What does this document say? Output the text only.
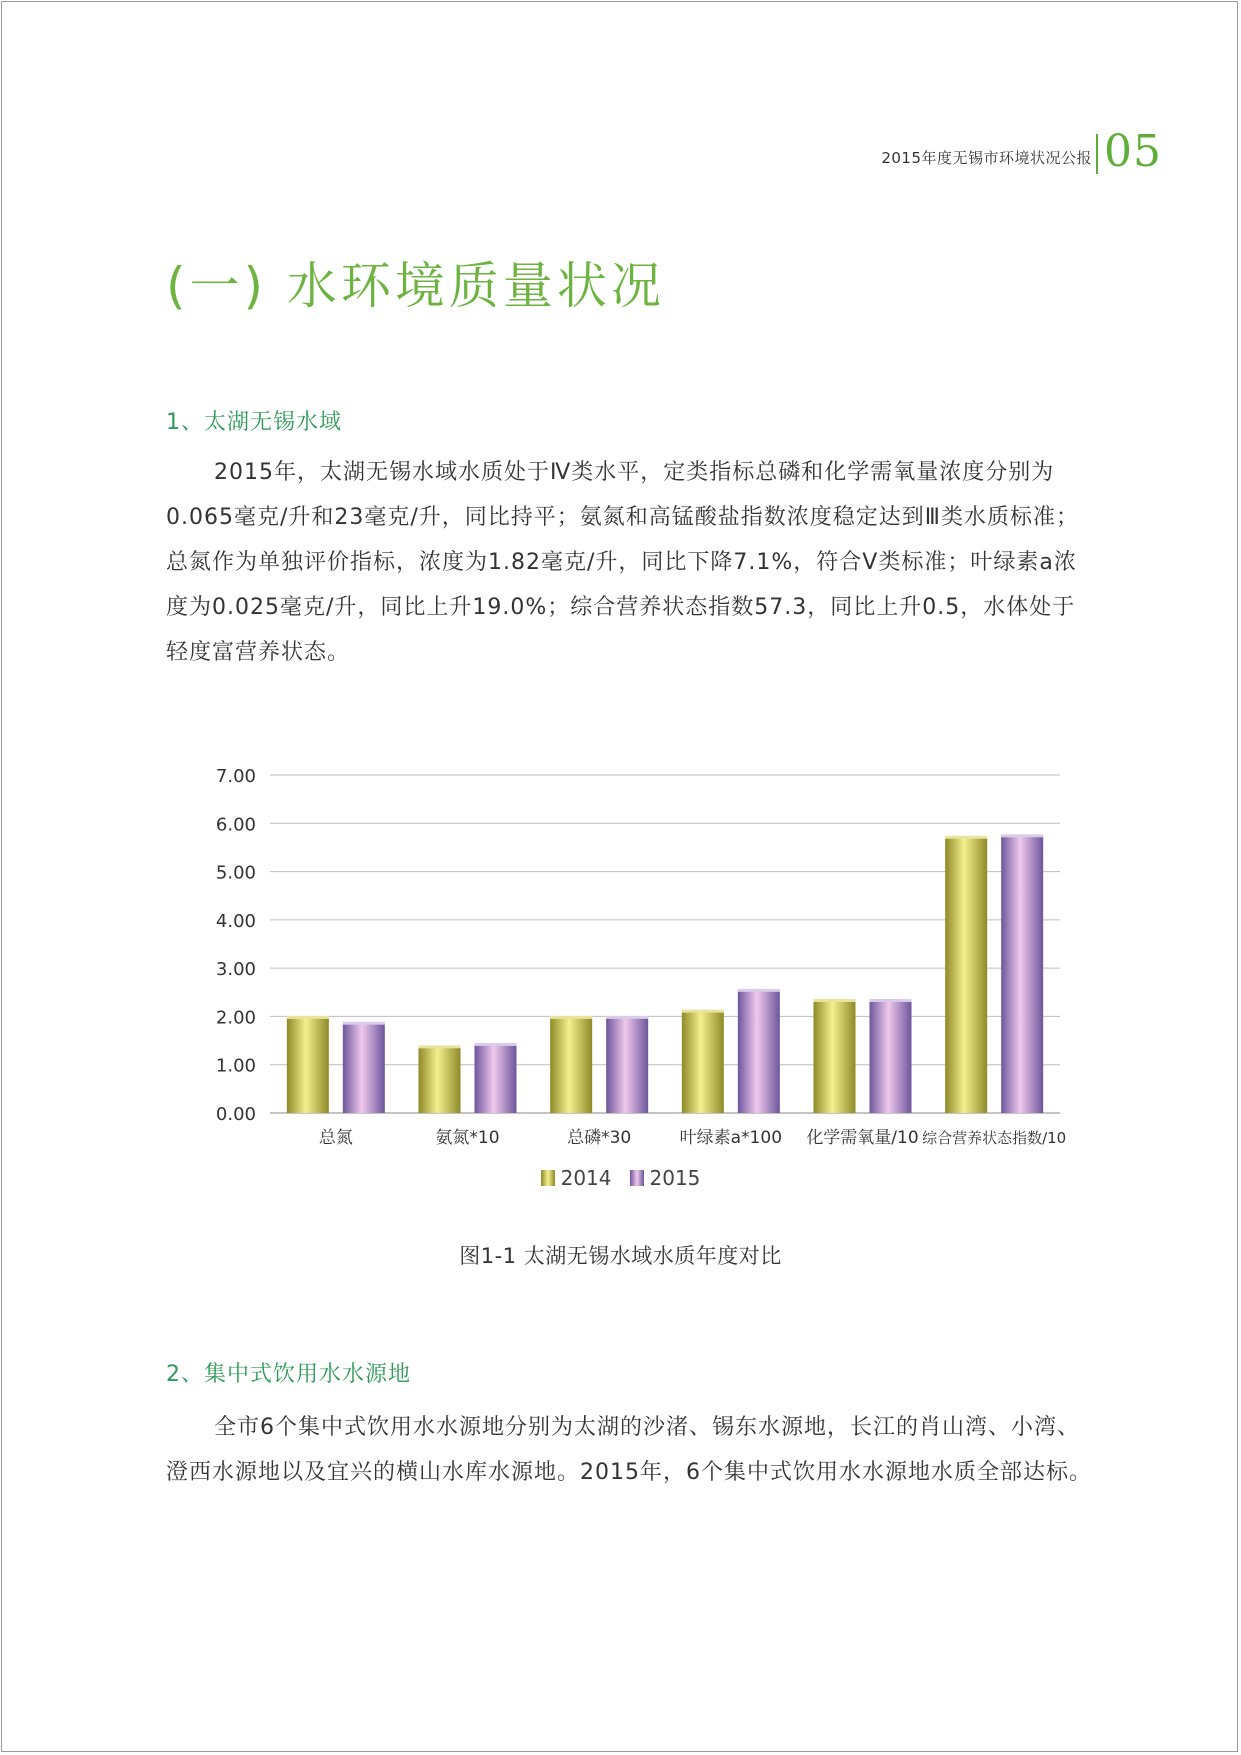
2015年度无锡市环境状况公报 05
(一) 水环境质量状况
1、太湖无锡水域

2015年，太湖无锡水域水质处于Ⅳ类水平，定类指标总磷和化学需氧量浓度分别为0.065毫克/升和23毫克/升，同比持平；氨氮和高锰酸盐指数浓度稳定达到Ⅲ类水质标准；总氮作为单独评价指标，浓度为1.82毫克/升，同比下降7.1%，符合Ⅴ类标准；叶绿素a浓度为0.025毫克/升，同比上升19.0%；综合营养状态指数57.3，同比上升0.5，水体处于轻度富营养状态。

0.00
1.00
2.00
3.00
4.00
5.00
6.00
7.00
总氮	氨氮*10	总磷*30	叶绿素a*100 化学需氧量/10 综合营养状态指数/10
2014 2015
图1-1 太湖无锡水域水质年度对比
2、集中式饮用水水源地

全市6个集中式饮用水水源地分别为太湖的沙渚、锡东水源地，长江的肖山湾、小湾、澄西水源地以及宜兴的横山水库水源地。2015年，6个集中式饮用水水源地水质全部达标。
